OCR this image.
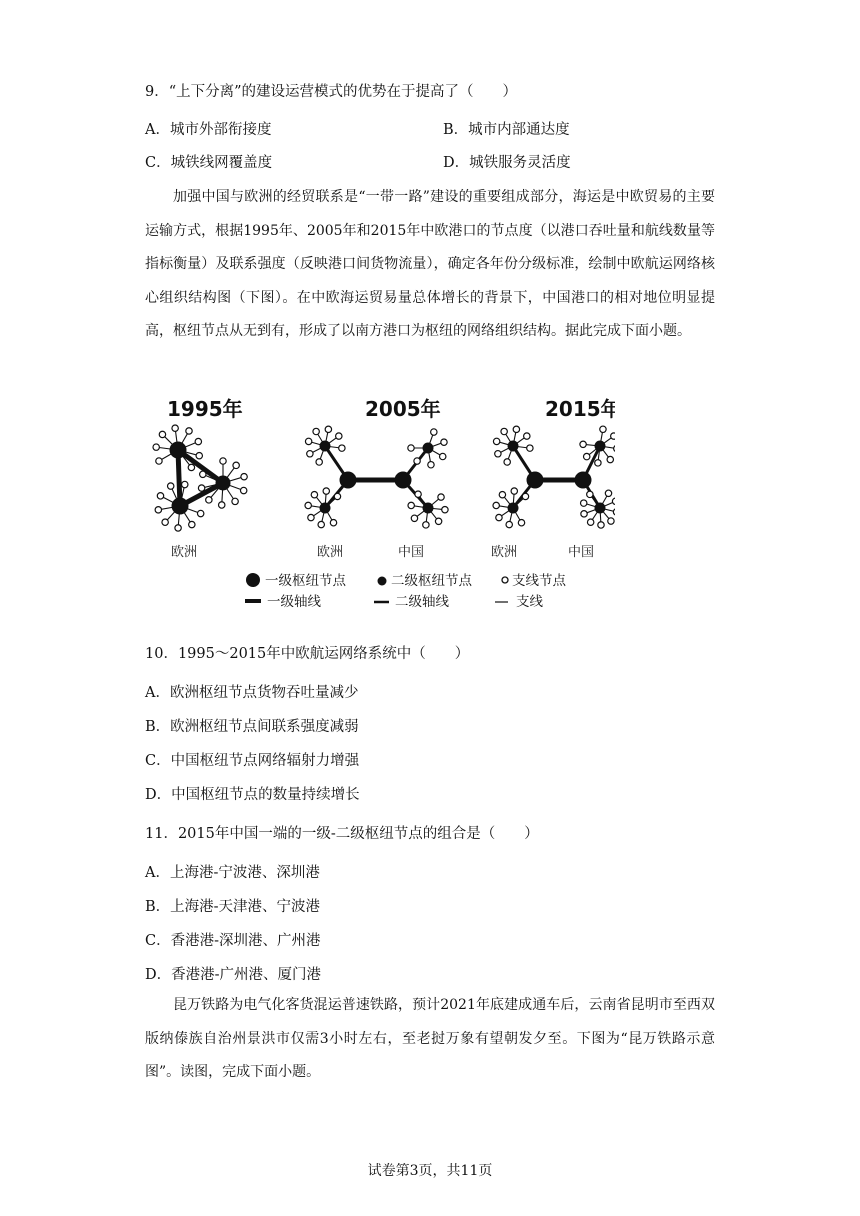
9．“上下分离”的建设运营模式的优势在于提高了（　　）
A．城市外部衔接度	B．城市内部通达度
C．城铁线网覆盖度	D．城铁服务灵活度

加强中国与欧洲的经贸联系是“一带一路”建设的重要组成部分，海运是中欧贸易的主要运输方式，根据1995年、2005年和2015年中欧港口的节点度（以港口吞吐量和航线数量等指标衡量）及联系强度（反映港口间货物流量），确定各年份分级标准，绘制中欧航运网络核心组织结构图（下图）。在中欧海运贸易量总体增长的背景下，中国港口的相对地位明显提高，枢纽节点从无到有，形成了以南方港口为枢纽的网络组织结构。据此完成下面小题。

1995年	2005年	2015年
欧洲	欧洲	中国	欧洲	中国
一级枢纽节点	二级枢纽节点	支线节点
一级轴线	二级轴线	支线
10．1995～2015年中欧航运网络系统中（　　）
A．欧洲枢纽节点货物吞吐量减少
B．欧洲枢纽节点间联系强度减弱
C．中国枢纽节点网络辐射力增强
D．中国枢纽节点的数量持续增长
11．2015年中国一端的一级-二级枢纽节点的组合是（　　）
A．上海港-宁波港、深圳港
B．上海港-天津港、宁波港
C．香港港-深圳港、广州港
D．香港港-广州港、厦门港

昆万铁路为电气化客货混运普速铁路，预计2021年底建成通车后，云南省昆明市至西双版纳傣族自治州景洪市仅需3小时左右，至老挝万象有望朝发夕至。下图为“昆万铁路示意图”。读图，完成下面小题。

试卷第3页，共11页
